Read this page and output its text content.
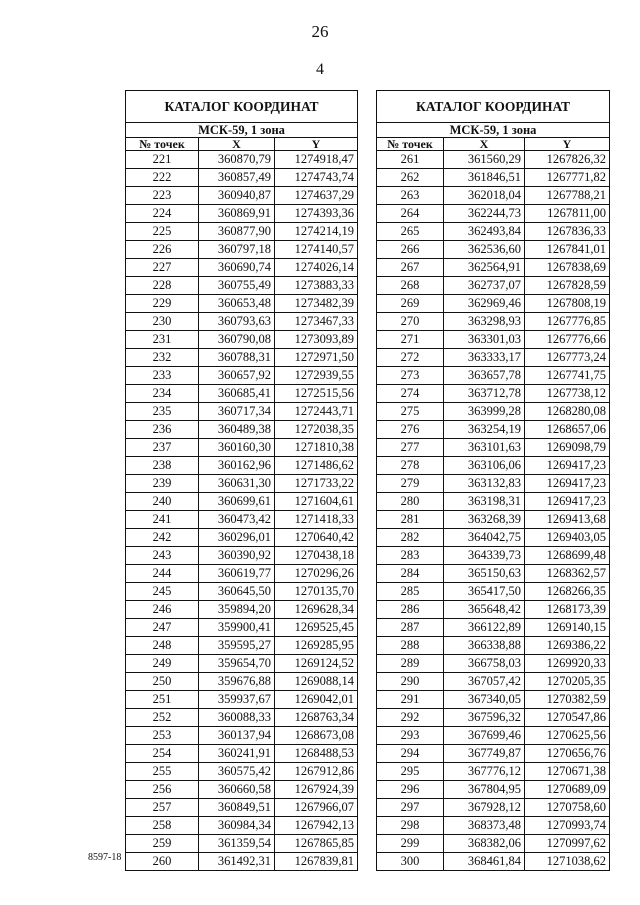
26
4
КАТАЛОГ КООРДИНАТ		
МСК-59, 1 зона		
№ точек	X	Y
221	360870,79	1274918,47
222	360857,49	1274743,74
223	360940,87	1274637,29
224	360869,91	1274393,36
225	360877,90	1274214,19
226	360797,18	1274140,57
227	360690,74	1274026,14
228	360755,49	1273883,33
229	360653,48	1273482,39
230	360793,63	1273467,33
231	360790,08	1273093,89
232	360788,31	1272971,50
233	360657,92	1272939,55
234	360685,41	1272515,56
235	360717,34	1272443,71
236	360489,38	1272038,35
237	360160,30	1271810,38
238	360162,96	1271486,62
239	360631,30	1271733,22
240	360699,61	1271604,61
241	360473,42	1271418,33
242	360296,01	1270640,42
243	360390,92	1270438,18
244	360619,77	1270296,26
245	360645,50	1270135,70
246	359894,20	1269628,34
247	359900,41	1269525,45
248	359595,27	1269285,95
249	359654,70	1269124,52
250	359676,88	1269088,14
251	359937,67	1269042,01
252	360088,33	1268763,34
253	360137,94	1268673,08
254	360241,91	1268488,53
255	360575,42	1267912,86
256	360660,58	1267924,39
257	360849,51	1267966,07
258	360984,34	1267942,13
259	361359,54	1267865,85
260	361492,31	1267839,81
КАТАЛОГ КООРДИНАТ		
МСК-59, 1 зона		
№ точек	X	Y
261	361560,29	1267826,32
262	361846,51	1267771,82
263	362018,04	1267788,21
264	362244,73	1267811,00
265	362493,84	1267836,33
266	362536,60	1267841,01
267	362564,91	1267838,69
268	362737,07	1267828,59
269	362969,46	1267808,19
270	363298,93	1267776,85
271	363301,03	1267776,66
272	363333,17	1267773,24
273	363657,78	1267741,75
274	363712,78	1267738,12
275	363999,28	1268280,08
276	363254,19	1268657,06
277	363101,63	1269098,79
278	363106,06	1269417,23
279	363132,83	1269417,23
280	363198,31	1269417,23
281	363268,39	1269413,68
282	364042,75	1269403,05
283	364339,73	1268699,48
284	365150,63	1268362,57
285	365417,50	1268266,35
286	365648,42	1268173,39
287	366122,89	1269140,15
288	366338,88	1269386,22
289	366758,03	1269920,33
290	367057,42	1270205,35
291	367340,05	1270382,59
292	367596,32	1270547,86
293	367699,46	1270625,56
294	367749,87	1270656,76
295	367776,12	1270671,38
296	367804,95	1270689,09
297	367928,12	1270758,60
298	368373,48	1270993,74
299	368382,06	1270997,62
300	368461,84	1271038,62
8597-18
